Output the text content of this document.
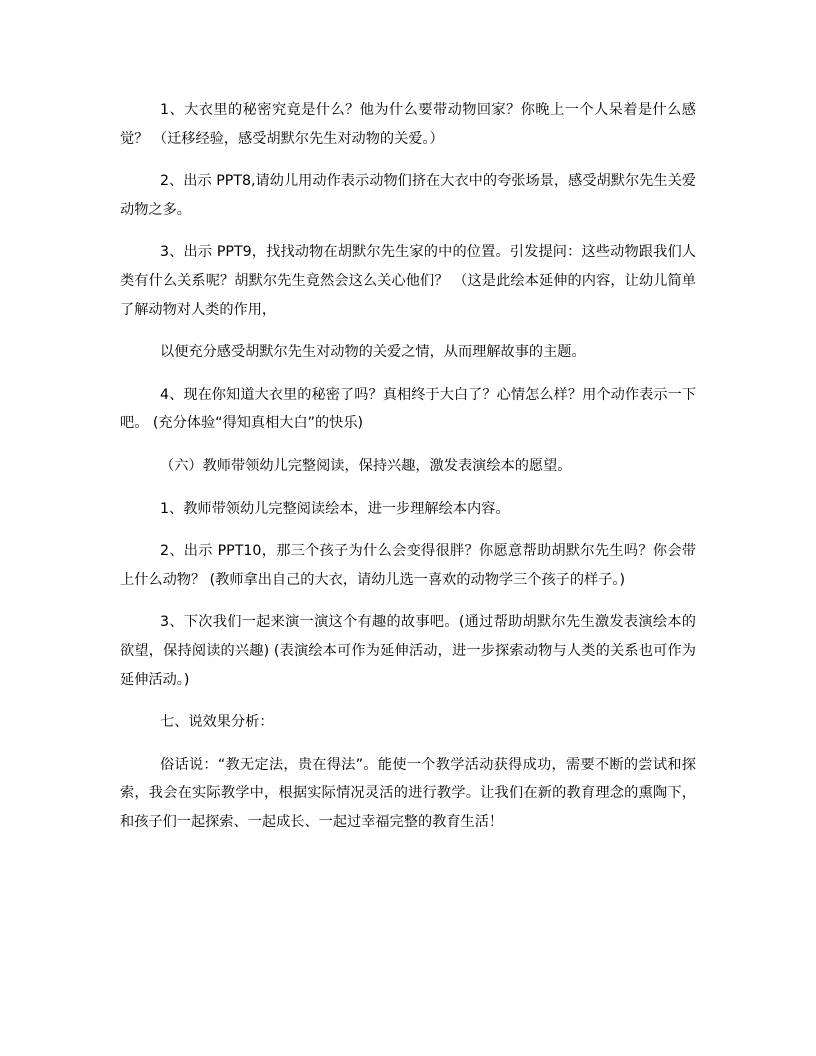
1、大衣里的秘密究竟是什么？他为什么要带动物回家？你晚上一个人呆着是什么感觉？ （迁移经验，感受胡默尔先生对动物的关爱。）

2、出示 PPT8,请幼儿用动作表示动物们挤在大衣中的夸张场景，感受胡默尔先生关爱动物之多。

3、出示 PPT9，找找动物在胡默尔先生家的中的位置。引发提问：这些动物跟我们人类有什么关系呢？胡默尔先生竟然会这么关心他们？ （这是此绘本延伸的内容，让幼儿简单了解动物对人类的作用，

以便充分感受胡默尔先生对动物的关爱之情，从而理解故事的主题。

4、现在你知道大衣里的秘密了吗？真相终于大白了？心情怎么样？用个动作表示一下吧。 (充分体验“得知真相大白”的快乐)

（六）教师带领幼儿完整阅读，保持兴趣，激发表演绘本的愿望。

1、教师带领幼儿完整阅读绘本，进一步理解绘本内容。

2、出示 PPT10，那三个孩子为什么会变得很胖？你愿意帮助胡默尔先生吗？你会带上什么动物？ (教师拿出自己的大衣，请幼儿选一喜欢的动物学三个孩子的样子。)

3、下次我们一起来演一演这个有趣的故事吧。(通过帮助胡默尔先生激发表演绘本的欲望，保持阅读的兴趣) (表演绘本可作为延伸活动，进一步探索动物与人类的关系也可作为延伸活动。)

七、说效果分析：

俗话说：“教无定法，贵在得法”。能使一个教学活动获得成功，需要不断的尝试和探索，我会在实际教学中，根据实际情况灵活的进行教学。让我们在新的教育理念的熏陶下，和孩子们一起探索、一起成长、一起过幸福完整的教育生活！
